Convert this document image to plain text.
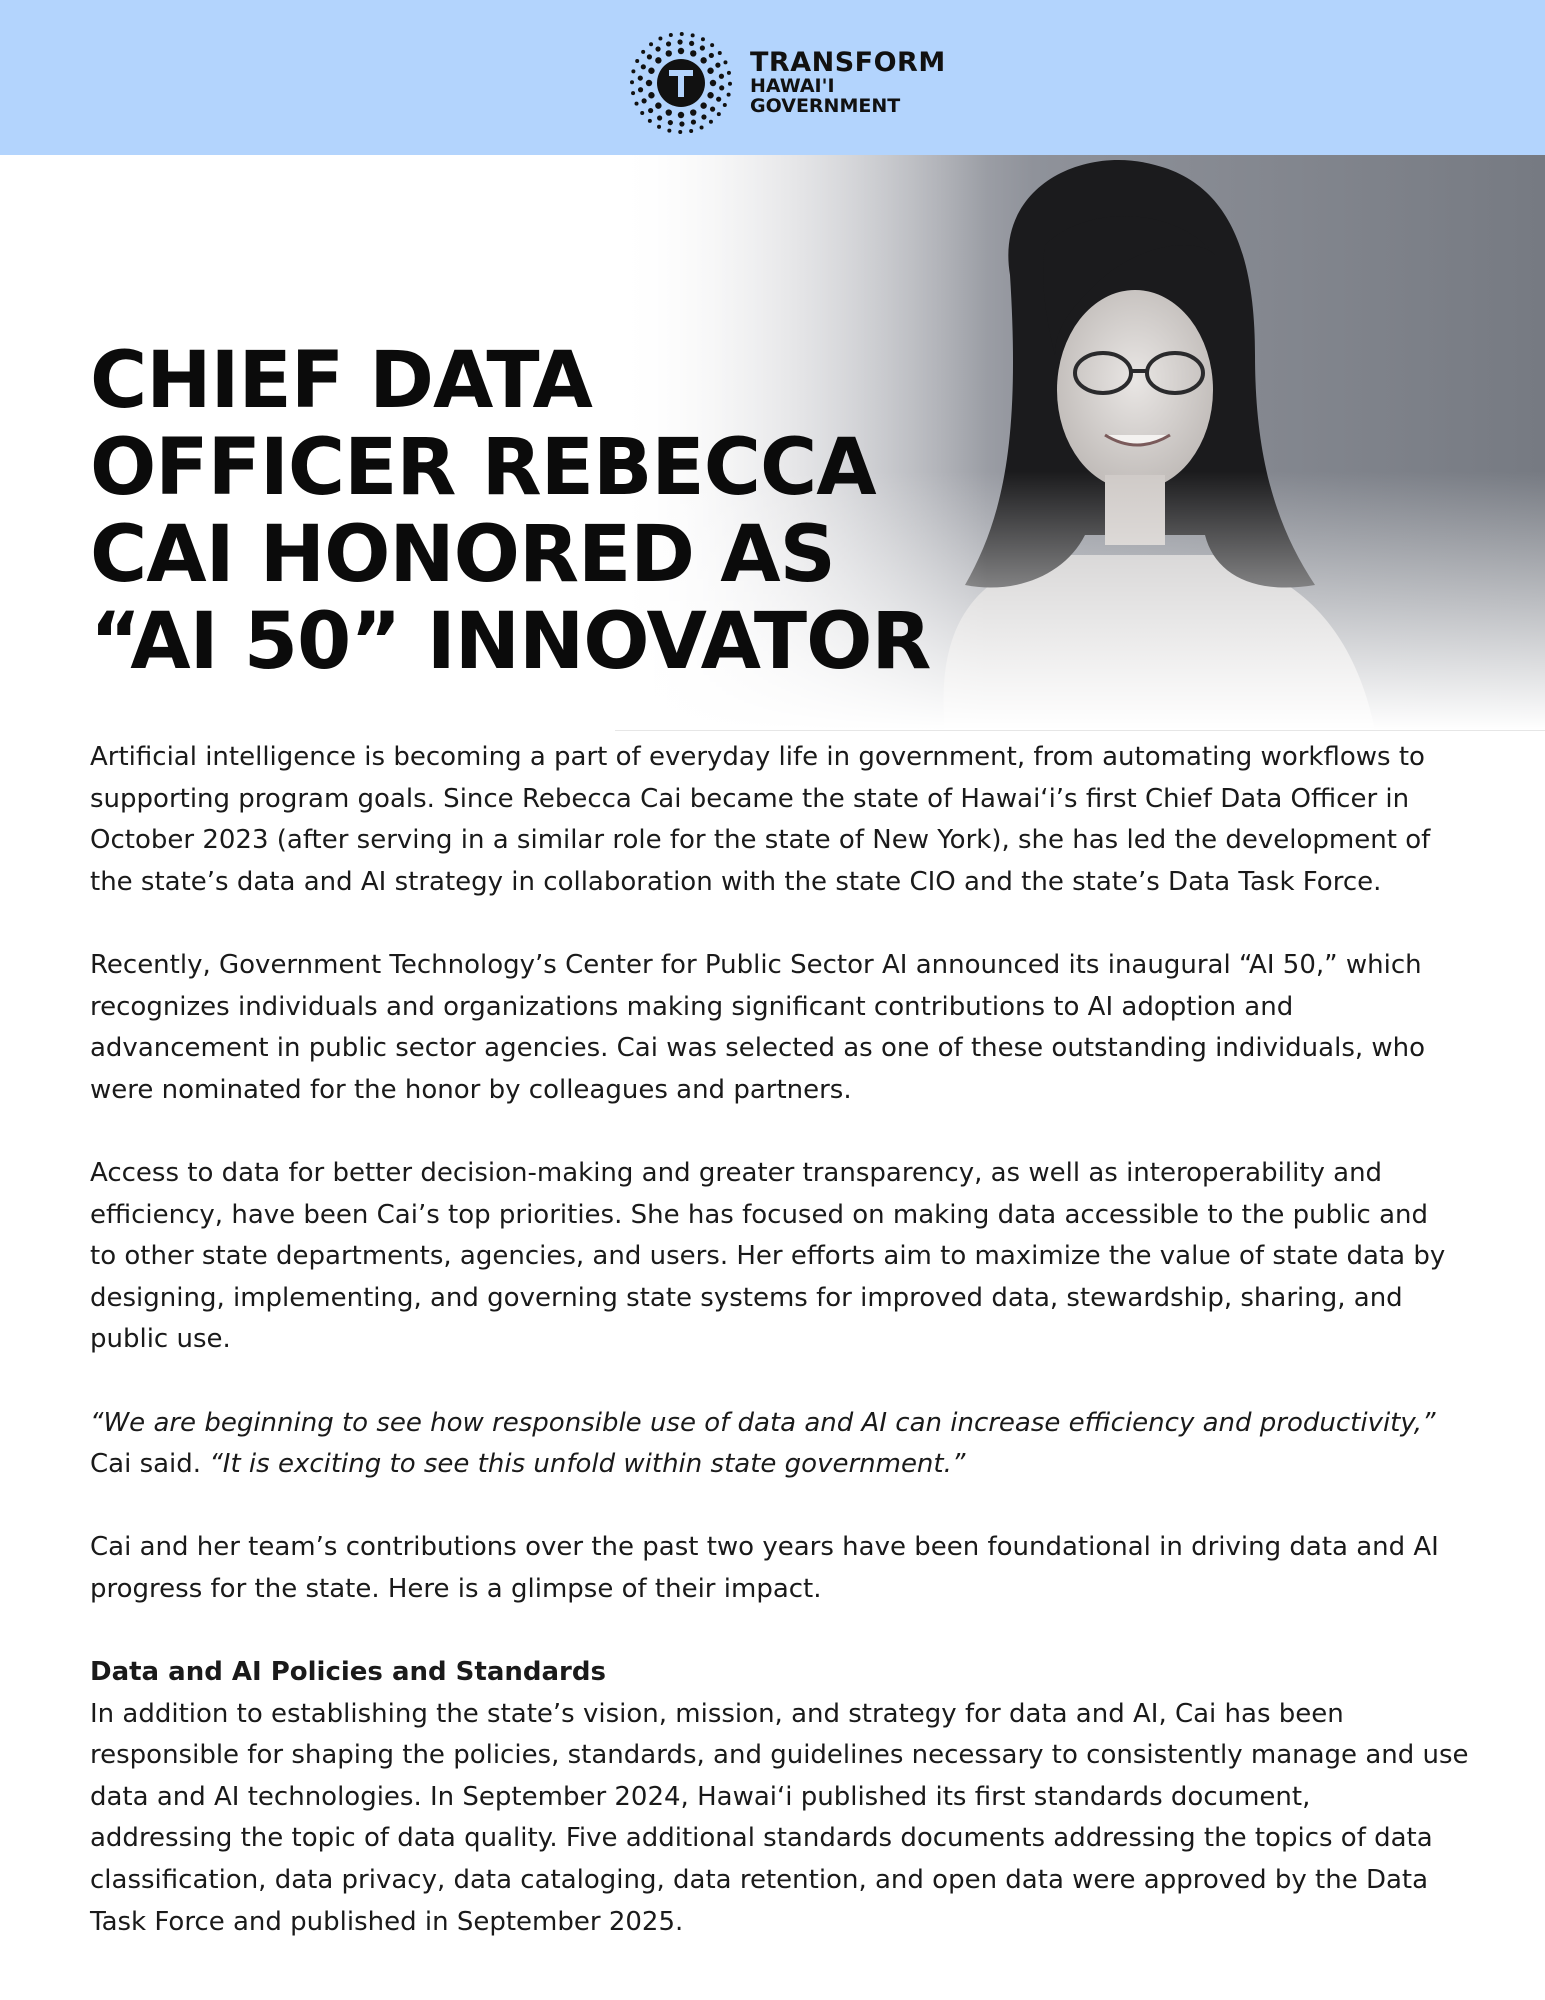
TRANSFORM
HAWAI'I
GOVERNMENT
CHIEF DATA
OFFICER REBECCA
CAI HONORED AS
“AI 50” INNOVATOR

Artificial intelligence is becoming a part of everyday life in government, from automating workflows to
supporting program goals. Since Rebecca Cai became the state of Hawai‘i’s first Chief Data Officer in
October 2023 (after serving in a similar role for the state of New York), she has led the development of
the state’s data and AI strategy in collaboration with the state CIO and the state’s Data Task Force.

Recently, Government Technology’s Center for Public Sector AI announced its inaugural “AI 50,” which
recognizes individuals and organizations making significant contributions to AI adoption and
advancement in public sector agencies. Cai was selected as one of these outstanding individuals, who
were nominated for the honor by colleagues and partners.

Access to data for better decision-making and greater transparency, as well as interoperability and
efficiency, have been Cai’s top priorities. She has focused on making data accessible to the public and
to other state departments, agencies, and users. Her efforts aim to maximize the value of state data by
designing, implementing, and governing state systems for improved data, stewardship, sharing, and
public use.

“We are beginning to see how responsible use of data and AI can increase efficiency and productivity,”
Cai said. “It is exciting to see this unfold within state government.”

Cai and her team’s contributions over the past two years have been foundational in driving data and AI
progress for the state. Here is a glimpse of their impact.

Data and AI Policies and Standards
In addition to establishing the state’s vision, mission, and strategy for data and AI, Cai has been
responsible for shaping the policies, standards, and guidelines necessary to consistently manage and use
data and AI technologies. In September 2024, Hawai‘i published its first standards document,
addressing the topic of data quality. Five additional standards documents addressing the topics of data
classification, data privacy, data cataloging, data retention, and open data were approved by the Data
Task Force and published in September 2025.
